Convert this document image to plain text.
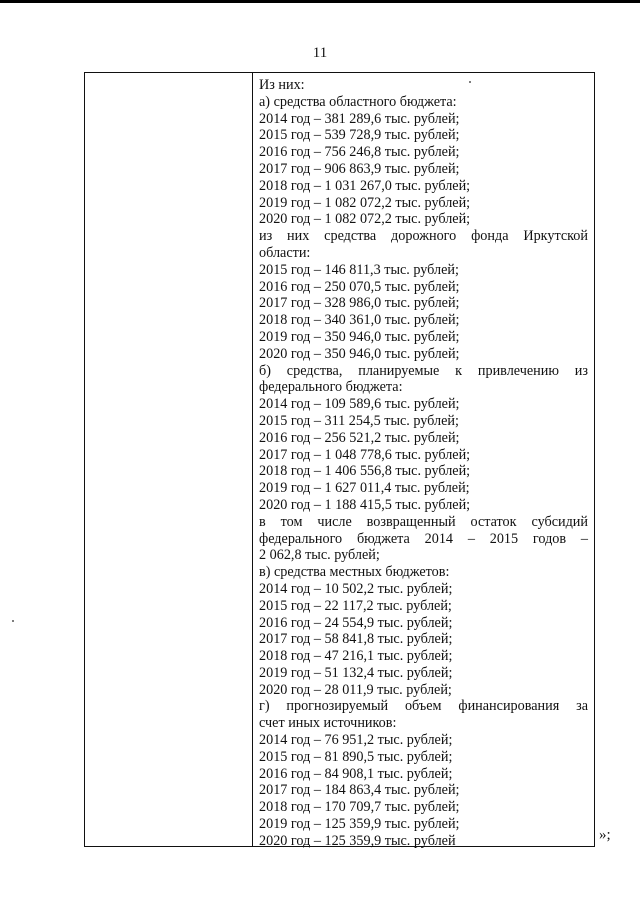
11
Из них:
а) средства областного бюджета:
2014 год – 381 289,6 тыс. рублей;
2015 год – 539 728,9 тыс. рублей;
2016 год – 756 246,8 тыс. рублей;
2017 год – 906 863,9 тыс. рублей;
2018 год – 1 031 267,0 тыс. рублей;
2019 год – 1 082 072,2 тыс. рублей;
2020 год – 1 082 072,2 тыс. рублей;
из них средства дорожного фонда Иркутской
области:
2015 год – 146 811,3 тыс. рублей;
2016 год – 250 070,5 тыс. рублей;
2017 год – 328 986,0 тыс. рублей;
2018 год – 340 361,0 тыс. рублей;
2019 год – 350 946,0 тыс. рублей;
2020 год – 350 946,0 тыс. рублей;
б) средства, планируемые к привлечению из
федерального бюджета:
2014 год – 109 589,6 тыс. рублей;
2015 год – 311 254,5 тыс. рублей;
2016 год – 256 521,2 тыс. рублей;
2017 год – 1 048 778,6 тыс. рублей;
2018 год – 1 406 556,8 тыс. рублей;
2019 год – 1 627 011,4 тыс. рублей;
2020 год – 1 188 415,5 тыс. рублей;
в том числе возвращенный остаток субсидий
федерального бюджета 2014 – 2015 годов –
2 062,8 тыс. рублей;
в) средства местных бюджетов:
2014 год – 10 502,2 тыс. рублей;
2015 год – 22 117,2 тыс. рублей;
2016 год – 24 554,9 тыс. рублей;
2017 год – 58 841,8 тыс. рублей;
2018 год – 47 216,1 тыс. рублей;
2019 год – 51 132,4 тыс. рублей;
2020 год – 28 011,9 тыс. рублей;
г) прогнозируемый объем финансирования за
счет иных источников:
2014 год – 76 951,2 тыс. рублей;
2015 год – 81 890,5 тыс. рублей;
2016 год – 84 908,1 тыс. рублей;
2017 год – 184 863,4 тыс. рублей;
2018 год – 170 709,7 тыс. рублей;
2019 год – 125 359,9 тыс. рублей;
2020 год – 125 359,9 тыс. рублей	»;
